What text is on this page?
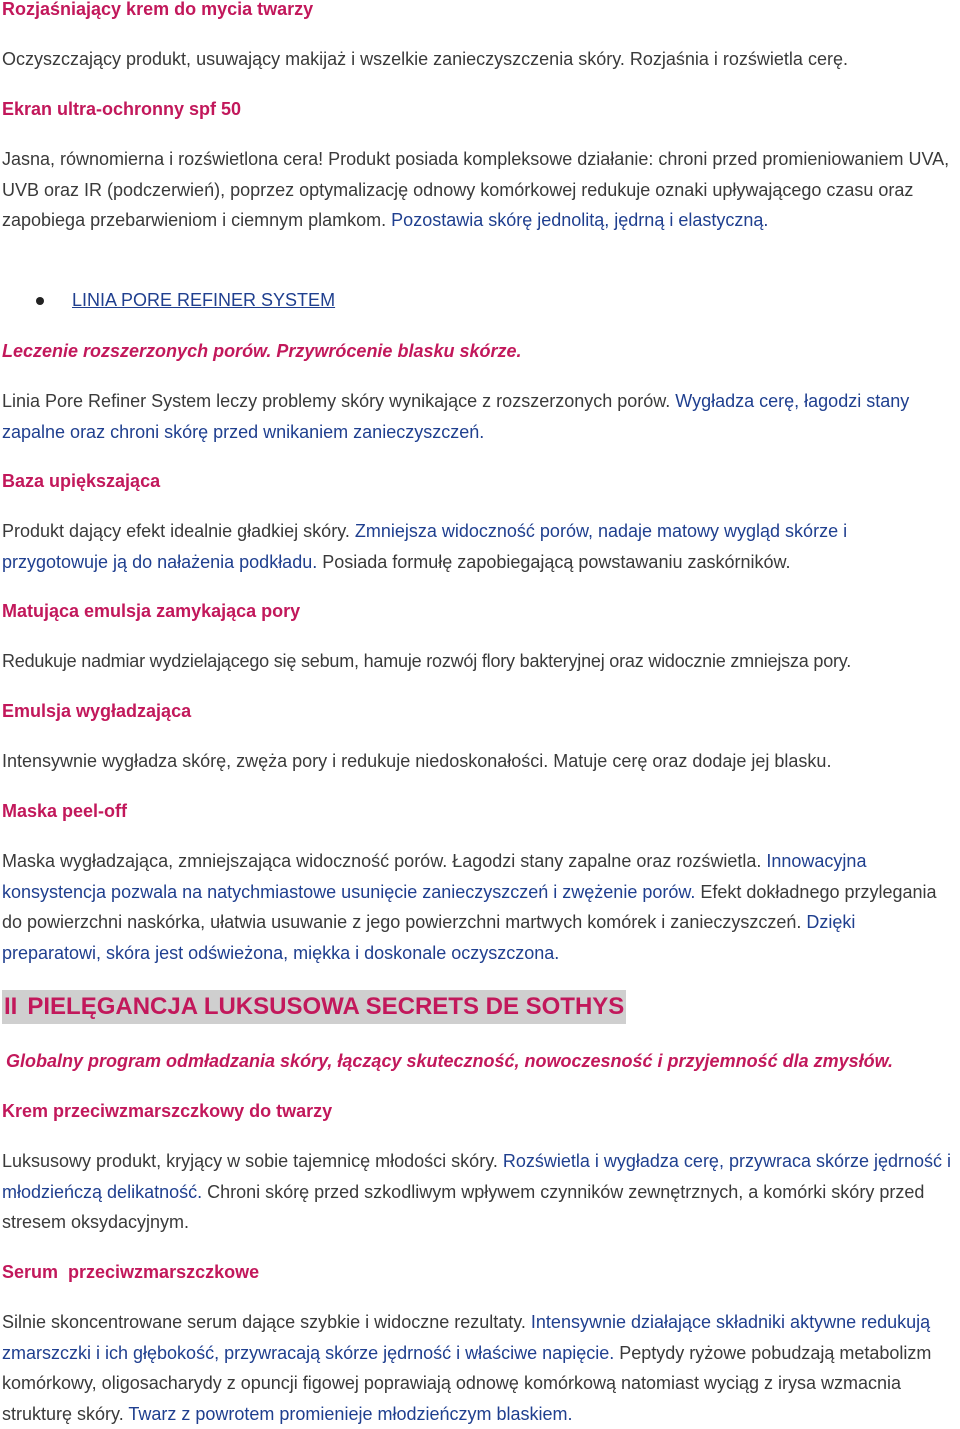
Rozjaśniający krem do mycia twarzy

Oczyszczający produkt, usuwający makijaż i wszelkie zanieczyszczenia skóry. Rozjaśnia i rozświetla cerę.

Ekran ultra-ochronny spf 50

Jasna, równomierna i rozświetlona cera! Produkt posiada kompleksowe działanie: chroni przed promieniowaniem UVA, UVB oraz IR (podczerwień), poprzez optymalizację odnowy komórkowej redukuje oznaki upływającego czasu oraz zapobiega przebarwieniom i ciemnym plamkom. Pozostawia skórę jednolitą, jędrną i elastyczną.

LINIA PORE REFINER SYSTEM

Leczenie rozszerzonych porów. Przywrócenie blasku skórze.

Linia Pore Refiner System leczy problemy skóry wynikające z rozszerzonych porów. Wygładza cerę, łagodzi stany zapalne oraz chroni skórę przed wnikaniem zanieczyszczeń.

Baza upiększająca

Produkt dający efekt idealnie gładkiej skóry. Zmniejsza widoczność porów, nadaje matowy wygląd skórze i przygotowuje ją do nałażenia podkładu. Posiada formułę zapobiegającą powstawaniu zaskórników.

Matująca emulsja zamykająca pory

Redukuje nadmiar wydzielającego się sebum, hamuje rozwój flory bakteryjnej oraz widocznie zmniejsza pory.

Emulsja wygładzająca

Intensywnie wygładza skórę, zwęża pory i redukuje niedoskonałości. Matuje cerę oraz dodaje jej blasku.

Maska peel-off

Maska wygładzająca, zmniejszająca widoczność porów. Łagodzi stany zapalne oraz rozświetla. Innowacyjna konsystencja pozwala na natychmiastowe usunięcie zanieczyszczeń i zwężenie porów. Efekt dokładnego przylegania do powierzchni naskórka, ułatwia usuwanie z jego powierzchni martwych komórek i zanieczyszczeń. Dzięki preparatowi, skóra jest odświeżona, miękka i doskonale oczyszczona.

II PIELĘGANCJA LUKSUSOWA SECRETS DE SOTHYS

Globalny program odmładzania skóry, łączący skuteczność, nowoczesność i przyjemność dla zmysłów.

Krem przeciwzmarszczkowy do twarzy

Luksusowy produkt, kryjący w sobie tajemnicę młodości skóry. Rozświetla i wygładza cerę, przywraca skórze jędrność i młodzieńczą delikatność. Chroni skórę przed szkodliwym wpływem czynników zewnętrznych, a komórki skóry przed stresem oksydacyjnym.

Serum  przeciwzmarszczkowe

Silnie skoncentrowane serum dające szybkie i widoczne rezultaty. Intensywnie działające składniki aktywne redukują zmarszczki i ich głębokość, przywracają skórze jędrność i właściwe napięcie. Peptydy ryżowe pobudzają metabolizm komórkowy, oligosacharydy z opuncji figowej poprawiają odnowę komórkową natomiast wyciąg z irysa wzmacnia strukturę skóry. Twarz z powrotem promienieje młodzieńczym blaskiem.
